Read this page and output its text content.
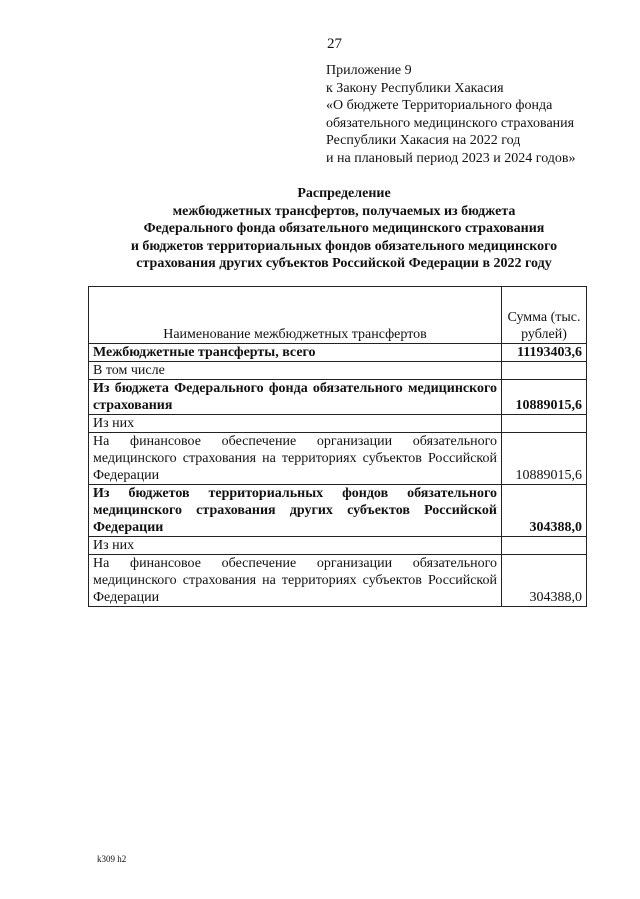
27
Приложение 9
к Закону Республики Хакасия
«О бюджете Территориального фонда
обязательного медицинского страхования
Республики Хакасия на 2022 год
и на плановый период 2023 и 2024 годов»
Распределение
межбюджетных трансфертов, получаемых из бюджета
Федерального фонда обязательного медицинского страхования
и бюджетов территориальных фондов обязательного медицинского
страхования других субъектов Российской Федерации в 2022 году
Наименование межбюджетных трансфертов	Сумма (тыс. рублей)
Межбюджетные трансферты, всего	11193403,6
В том числе	
Из бюджета Федерального фонда обязательного медицинского страхования	10889015,6
Из них	
На финансовое обеспечение организации обязательного медицинского страхования на территориях субъектов Российской Федерации	10889015,6
Из бюджетов территориальных фондов обязательного медицинского страхования других субъектов Российской Федерации	304388,0
Из них	
На финансовое обеспечение организации обязательного медицинского страхования на территориях субъектов Российской Федерации	304388,0
k309 h2
